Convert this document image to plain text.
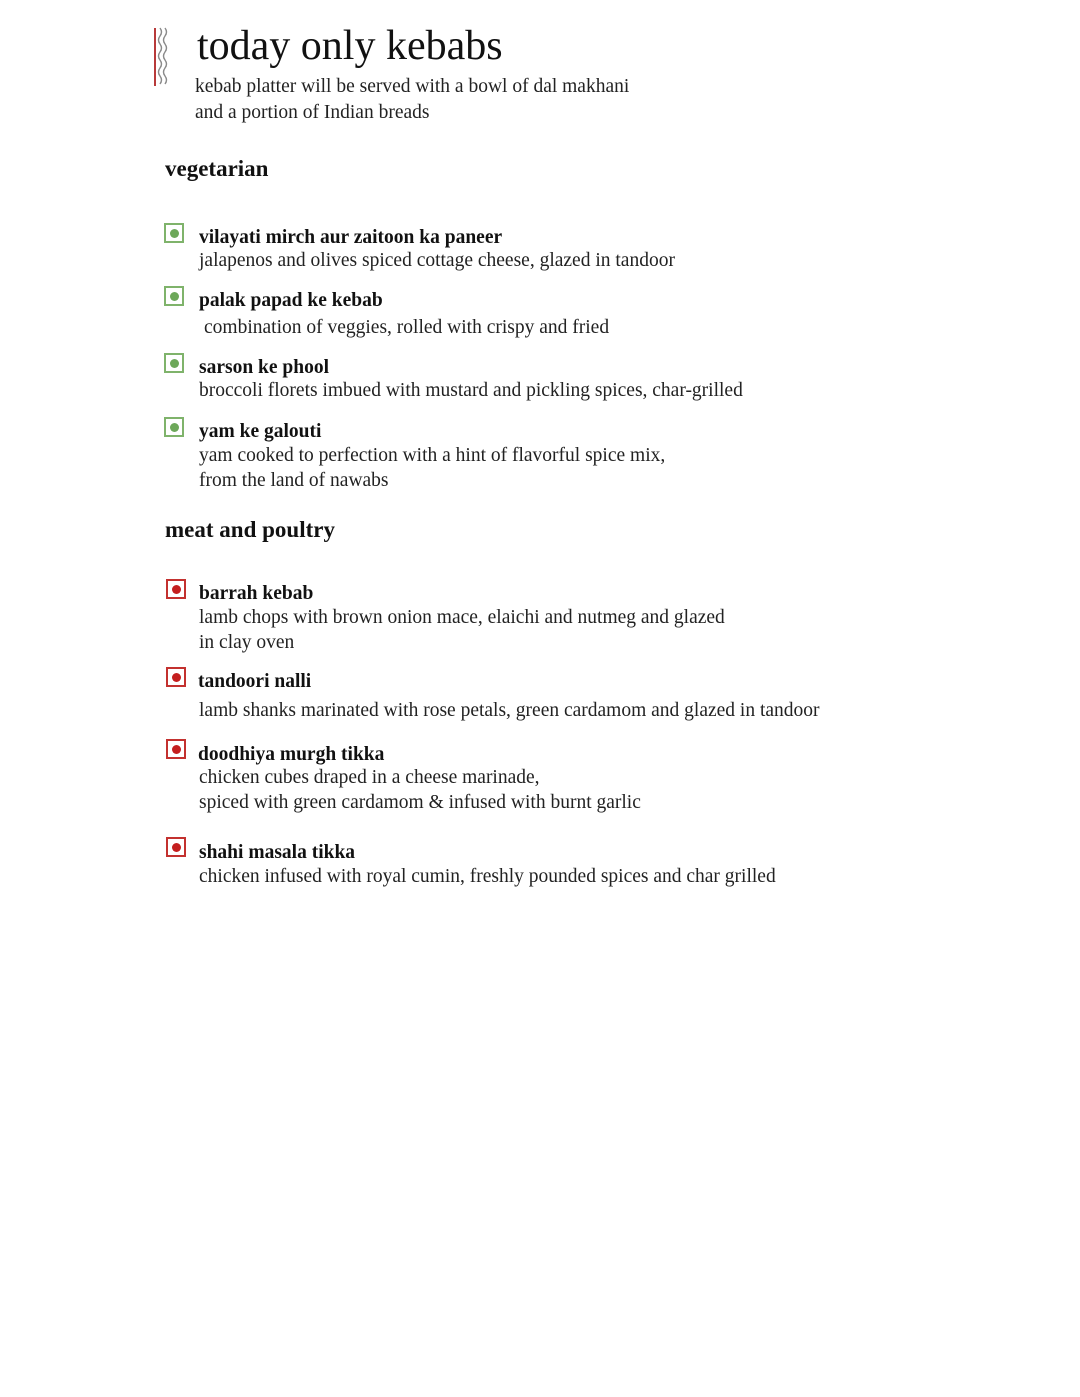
today only kebabs
kebab platter will be served with a bowl of dal makhani
and a portion of Indian breads
vegetarian
vilayati mirch aur zaitoon ka paneer
jalapenos and olives spiced cottage cheese, glazed in tandoor
palak papad ke kebab
combination of veggies, rolled with crispy and fried
sarson ke phool
broccoli florets imbued with mustard and pickling spices, char-grilled
yam ke galouti
yam cooked to perfection with a hint of flavorful spice mix,
from the land of nawabs
meat and poultry
barrah kebab
lamb chops with brown onion mace, elaichi and nutmeg and glazed
in clay oven
tandoori nalli
lamb shanks marinated with rose petals, green cardamom and glazed in tandoor
doodhiya murgh tikka
chicken cubes draped in a cheese marinade,
spiced with green cardamom & infused with burnt garlic
shahi masala tikka
chicken infused with royal cumin, freshly pounded spices and char grilled
